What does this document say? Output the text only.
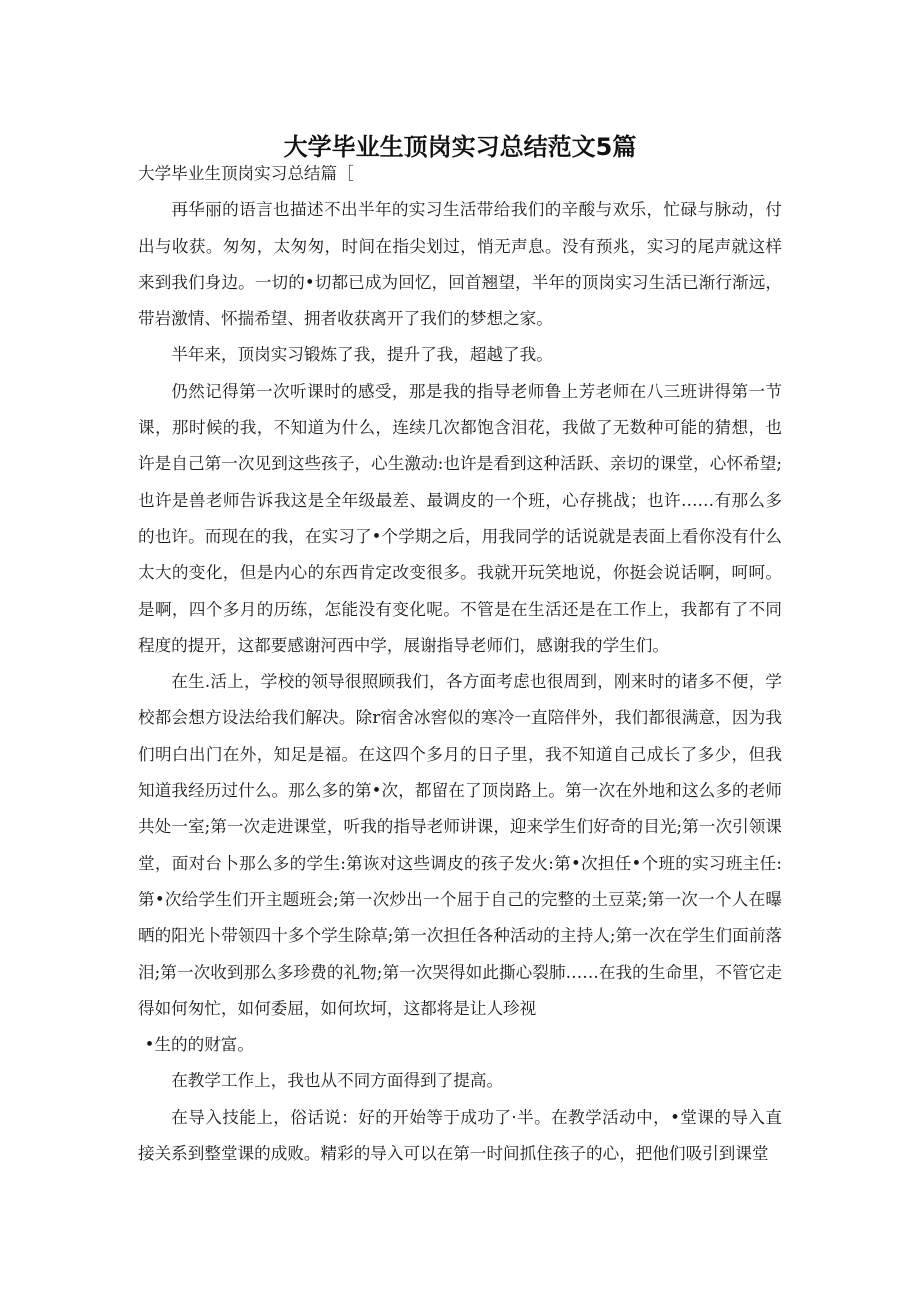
大学毕业生顶岗实习总结范文5篇

大学毕业生顶岗实习总结篇［

再华丽的语言也描述不出半年的实习生活带给我们的辛酸与欢乐，忙碌与脉动，付出与收获。匆匆，太匆匆，时间在指尖划过，悄无声息。没有预兆，实习的尾声就这样来到我们身边。一切的•切都已成为回忆，回首翘望，半年的顶岗实习生活已渐行渐远，带岩激情、怀揣希望、拥者收获离开了我们的梦想之家。

半年来，顶岗实习锻炼了我，提升了我，超越了我。

仍然记得第一次听课时的感受，那是我的指导老师鲁上芳老师在八三班讲得第一节课，那时候的我，不知道为什么，连续几次都饱含泪花，我做了无数种可能的猜想，也许是自己第一次见到这些孩子，心生激动:也许是看到这种活跃、亲切的课堂，心怀希望;也许是兽老师告诉我这是全年级最差、最调皮的一个班，心存挑战；也许……有那么多的也许。而现在的我，在实习了•个学期之后，用我同学的话说就是表面上看你没有什么太大的变化，但是内心的东西肯定改变很多。我就开玩笑地说，你挺会说话啊，呵呵。是啊，四个多月的历练，怎能没有变化呢。不管是在生活还是在工作上，我都有了不同程度的提开，这都要感谢河西中学，展谢指导老师们，感谢我的学生们。

在生.活上，学校的领导很照顾我们，各方面考虑也很周到，刚来时的诸多不便，学校都会想方设法给我们解决。除r宿舍冰窖似的寒冷一直陪伴外，我们都很满意，因为我们明白出门在外，知足是福。在这四个多月的日子里，我不知道自己成长了多少，但我知道我经历过什么。那么多的第•次，都留在了顶岗路上。第一次在外地和这么多的老师共处一室;第一次走进课堂，听我的指导老师讲课，迎来学生们好奇的目光;第一次引领课堂，面对台卜那么多的学生:第诙对这些调皮的孩子发火:第•次担任•个班的实习班主任:第•次给学生们开主题班会;第一次炒出一个屈于自己的完整的土豆菜;第一次一个人在曝晒的阳光卜带领四十多个学生除草;第一次担任各种活动的主持人;第一次在学生们面前落泪;第一次收到那么多珍费的礼物;第一次哭得如此撕心裂肺……在我的生命里，不管它走得如何匆忙，如何委屈，如何坎坷，这都将是让人珍视

•生的的财富。

在教学工作上，我也从不同方面得到了提高。

在导入技能上，俗话说：好的开始等于成功了·半。在教学活动中，•堂课的导入直接关系到整堂课的成败。精彩的导入可以在第一时间抓住孩子的心，把他们吸引到课堂
